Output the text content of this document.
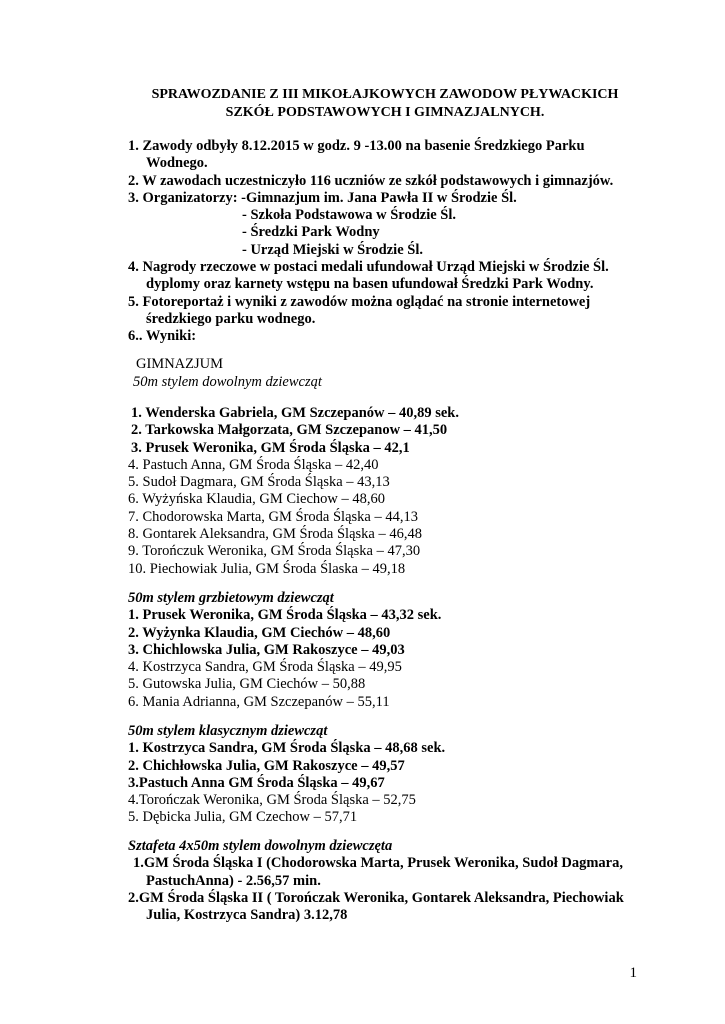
SPRAWOZDANIE Z III MIKOŁAJKOWYCH ZAWODOW PŁYWACKICH
SZKÓŁ PODSTAWOWYCH I GIMNAZJALNYCH.
1. Zawody odbyły 8.12.2015 w godz. 9 -13.00 na basenie Średzkiego Parku
Wodnego.
2. W zawodach uczestniczyło 116 uczniów ze szkół podstawowych i gimnazjów.
3. Organizatorzy: -Gimnazjum im. Jana Pawła II w Środzie Śl.
- Szkoła Podstawowa w Środzie Śl.
- Średzki Park Wodny
- Urząd Miejski w Środzie Śl.
4. Nagrody rzeczowe w postaci medali ufundował Urząd Miejski w Środzie Śl.
dyplomy oraz karnety wstępu na basen ufundował Średzki Park Wodny.
5. Fotoreportaż i wyniki z zawodów można oglądać na stronie internetowej
średzkiego parku wodnego.
6.. Wyniki:
GIMNAZJUM
50m stylem dowolnym dziewcząt
1. Wenderska Gabriela, GM Szczepanów – 40,89 sek.
2. Tarkowska Małgorzata, GM Szczepanow – 41,50
3. Prusek Weronika, GM Środa Śląska – 42,1
4. Pastuch Anna, GM Środa Śląska – 42,40
5. Sudoł Dagmara, GM Środa Śląska – 43,13
6. Wyżyńska Klaudia, GM Ciechow – 48,60
7. Chodorowska Marta, GM Środa Śląska – 44,13
8. Gontarek Aleksandra, GM Środa Śląska – 46,48
9. Torończuk Weronika, GM Środa Śląska – 47,30
10. Piechowiak Julia, GM Środa Ślaska – 49,18
50m stylem grzbietowym dziewcząt
1. Prusek Weronika, GM Środa Śląska – 43,32 sek.
2. Wyżynka Klaudia, GM Ciechów – 48,60
3. Chichlowska Julia, GM Rakoszyce – 49,03
4. Kostrzyca Sandra, GM Środa Śląska – 49,95
5. Gutowska Julia, GM Ciechów – 50,88
6. Mania Adrianna, GM Szczepanów – 55,11
50m stylem klasycznym dziewcząt
1. Kostrzyca Sandra, GM Środa Śląska – 48,68 sek.
2. Chichłowska Julia, GM Rakoszyce – 49,57
3.Pastuch Anna GM Środa Śląska – 49,67
4.Torończak Weronika, GM Środa Śląska – 52,75
5. Dębicka Julia, GM Czechow – 57,71
Sztafeta 4x50m stylem dowolnym dziewczęta
1.GM Środa Śląska I (Chodorowska Marta, Prusek Weronika, Sudoł Dagmara,
PastuchAnna) - 2.56,57 min.
2.GM Środa Śląska II ( Torończak Weronika, Gontarek Aleksandra, Piechowiak
Julia, Kostrzyca Sandra) 3.12,78
1
